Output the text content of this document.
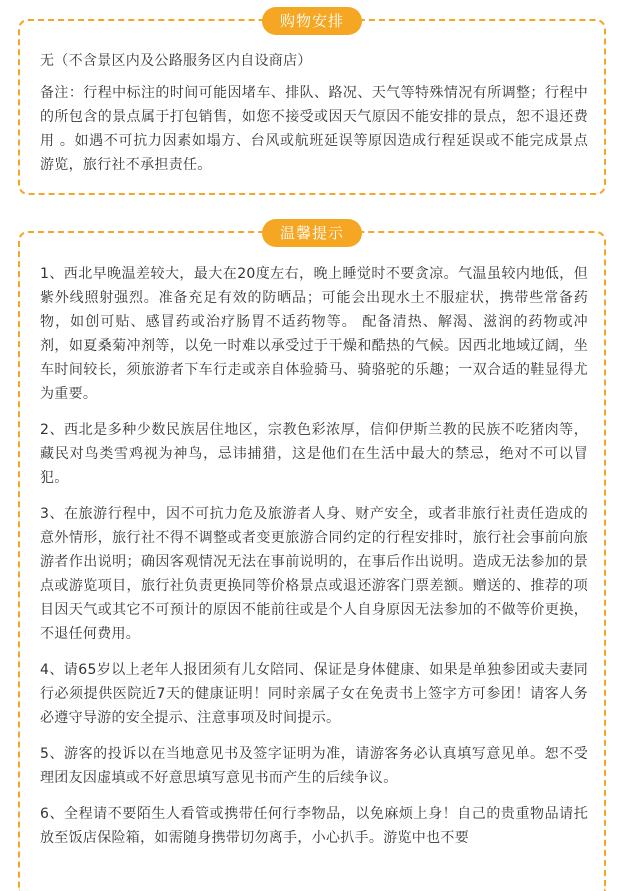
购物安排

无（不含景区内及公路服务区内自设商店）

备注：行程中标注的时间可能因堵车、排队、路况、天气等特殊情况有所调整；行程中的所包含的景点属于打包销售，如您不接受或因天气原因不能安排的景点，恕不退还费用 。如遇不可抗力因素如塌方、台风或航班延误等原因造成行程延误或不能完成景点游览，旅行社不承担责任。

温馨提示

1、西北早晚温差较大，最大在20度左右，晚上睡觉时不要贪凉。气温虽较内地低，但紫外线照射强烈。准备充足有效的防晒品；可能会出现水土不服症状，携带些常备药物，如创可贴、感冒药或治疗肠胃不适药物等。 配备清热、解渴、滋润的药物或冲剂，如夏桑菊冲剂等，以免一时难以承受过于干燥和酷热的气候。因西北地域辽阔，坐车时间较长，须旅游者下车行走或亲自体验骑马、骑骆驼的乐趣；一双合适的鞋显得尤为重要。

2、西北是多种少数民族居住地区，宗教色彩浓厚，信仰伊斯兰教的民族不吃猪肉等，藏民对鸟类雪鸡视为神鸟，忌讳捕猎，这是他们在生活中最大的禁忌，绝对不可以冒犯。

3、在旅游行程中，因不可抗力危及旅游者人身、财产安全，或者非旅行社责任造成的意外情形，旅行社不得不调整或者变更旅游合同约定的行程安排时，旅行社会事前向旅游者作出说明；确因客观情况无法在事前说明的，在事后作出说明。造成无法参加的景点或游览项目，旅行社负责更换同等价格景点或退还游客门票差额。赠送的、推荐的项目因天气或其它不可预计的原因不能前往或是个人自身原因无法参加的不做等价更换，不退任何费用。

4、请65岁以上老年人报团须有儿女陪同、保证是身体健康、如果是单独参团或夫妻同行必须提供医院近7天的健康证明！同时亲属子女在免责书上签字方可参团！请客人务必遵守导游的安全提示、注意事项及时间提示。

5、游客的投诉以在当地意见书及签字证明为准，请游客务必认真填写意见单。恕不受理团友因虚填或不好意思填写意见书而产生的后续争议。

6、全程请不要陌生人看管或携带任何行李物品，以免麻烦上身！自己的贵重物品请托放至饭店保险箱，如需随身携带切勿离手，小心扒手。游览中也不要
